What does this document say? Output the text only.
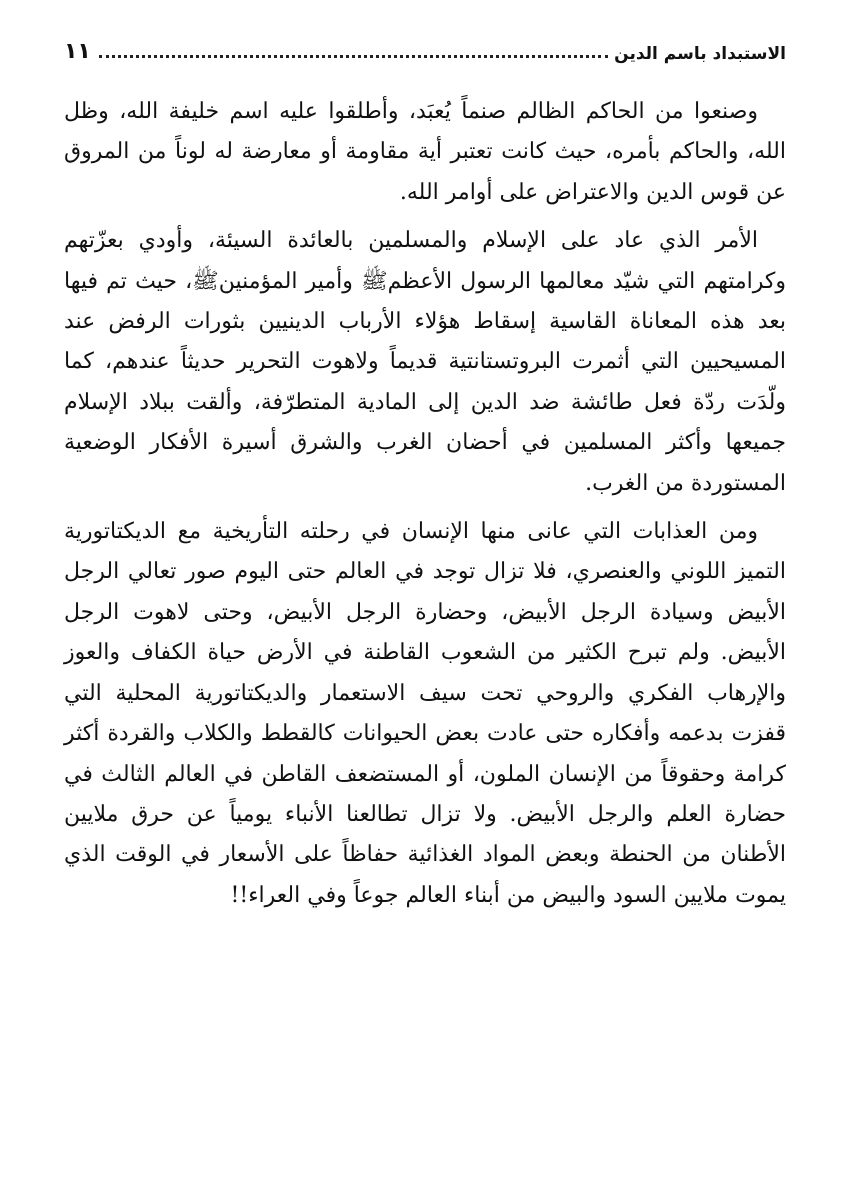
الاستبداد باسم الدين
١١

وصنعوا من الحاكم الظالم صنماً يُعبَد، وأطلقوا عليه اسم خليفة الله، وظل الله، والحاكم بأمره، حيث كانت تعتبر أية مقاومة أو معارضة له لوناً من المروق عن قوس الدين والاعتراض على أوامر الله.

الأمر الذي عاد على الإسلام والمسلمين بالعائدة السيئة، وأودي بعزّتهم وكرامتهم التي شيّد معالمها الرسول الأعظمﷺ وأمير المؤمنينﷺ، حيث تم فيها بعد هذه المعاناة القاسية إسقاط هؤلاء الأرباب الدينيين بثورات الرفض عند المسيحيين التي أثمرت البروتستانتية قديماً ولاهوت التحرير حديثاً عندهم، كما ولّدَت ردّة فعل طائشة ضد الدين إلى المادية المتطرّفة، وألقت ببلاد الإسلام جميعها وأكثر المسلمين في أحضان الغرب والشرق أسيرة الأفكار الوضعية المستوردة من الغرب.

ومن العذابات التي عانى منها الإنسان في رحلته التأريخية مع الديكتاتورية التميز اللوني والعنصري، فلا تزال توجد في العالم حتى اليوم صور تعالي الرجل الأبيض وسيادة الرجل الأبيض، وحضارة الرجل الأبيض، وحتى لاهوت الرجل الأبيض. ولم تبرح الكثير من الشعوب القاطنة في الأرض حياة الكفاف والعوز والإرهاب الفكري والروحي تحت سيف الاستعمار والديكتاتورية المحلية التي قفزت بدعمه وأفكاره حتى عادت بعض الحيوانات كالقطط والكلاب والقردة أكثر كرامة وحقوقاً من الإنسان الملون، أو المستضعف القاطن في العالم الثالث في حضارة العلم والرجل الأبيض. ولا تزال تطالعنا الأنباء يومياً عن حرق ملايين الأطنان من الحنطة وبعض المواد الغذائية حفاظاً على الأسعار في الوقت الذي يموت ملايين السود والبيض من أبناء العالم جوعاً وفي العراء!!
